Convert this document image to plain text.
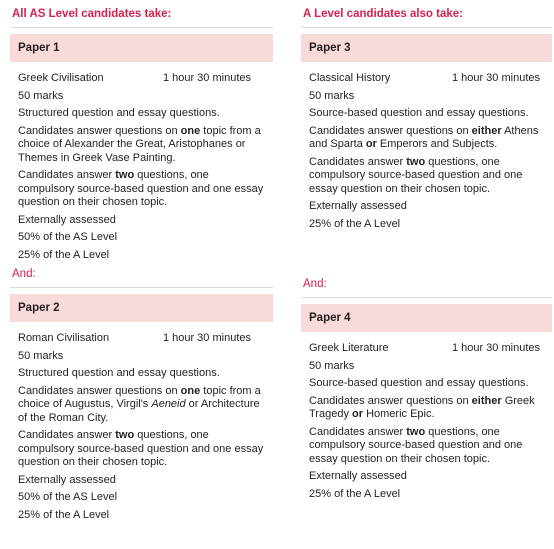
All AS Level candidates take:
Paper 1
Greek Civilisation	1 hour 30 minutes

50 marks

Structured question and essay questions.

Candidates answer questions on one topic from a choice of Alexander the Great, Aristophanes or Themes in Greek Vase Painting.

Candidates answer two questions, one compulsory source-based question and one essay question on their chosen topic.

Externally assessed

50% of the AS Level

25% of the A Level

And:
Paper 2
Roman Civilisation	1 hour 30 minutes

50 marks

Structured question and essay questions.

Candidates answer questions on one topic from a choice of Augustus, Virgil's Aeneid or Architecture of the Roman City.

Candidates answer two questions, one compulsory source-based question and one essay question on their chosen topic.

Externally assessed

50% of the AS Level

25% of the A Level

A Level candidates also take:
Paper 3
Classical History	1 hour 30 minutes

50 marks

Source-based question and essay questions.

Candidates answer questions on either Athens and Sparta or Emperors and Subjects.

Candidates answer two questions, one compulsory source-based question and one essay question on their chosen topic.

Externally assessed

25% of the A Level

And:
Paper 4
Greek Literature	1 hour 30 minutes

50 marks

Source-based question and essay questions.

Candidates answer questions on either Greek Tragedy or Homeric Epic.

Candidates answer two questions, one compulsory source-based question and one essay question on their chosen topic.

Externally assessed

25% of the A Level
